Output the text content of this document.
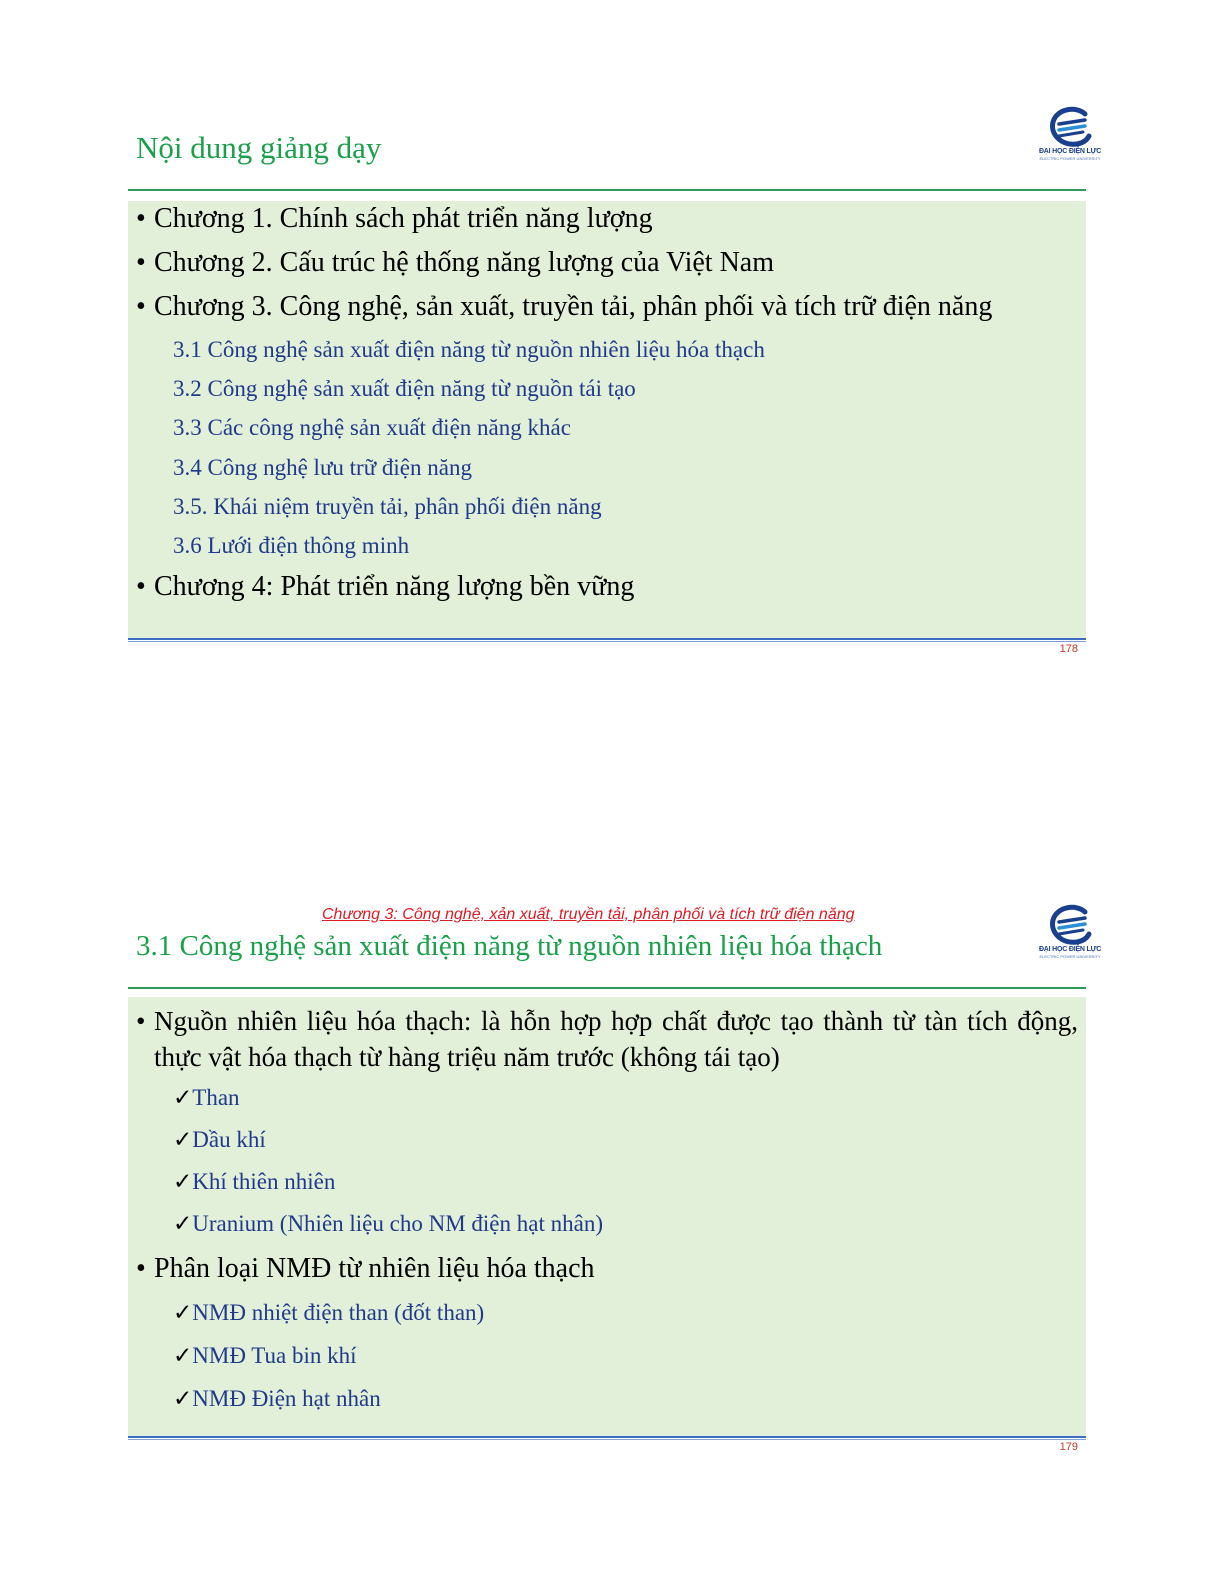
Nội dung giảng dạy	ĐẠI HỌC ĐIỆN LỰC
ELECTRIC POWER UNIVERSITY
• Chương 1. Chính sách phát triển năng lượng
• Chương 2. Cấu trúc hệ thống năng lượng của Việt Nam
• Chương 3. Công nghệ, sản xuất, truyền tải, phân phối và tích trữ điện năng
3.1 Công nghệ sản xuất điện năng từ nguồn nhiên liệu hóa thạch
3.2 Công nghệ sản xuất điện năng từ nguồn tái tạo
3.3 Các công nghệ sản xuất điện năng khác
3.4 Công nghệ lưu trữ điện năng
3.5. Khái niệm truyền tải, phân phối điện năng
3.6 Lưới điện thông minh
• Chương 4: Phát triển năng lượng bền vững
178
Chương 3: Công nghệ, xản xuất, truyền tải, phân phối và tích trữ điện năng
3.1 Công nghệ sản xuất điện năng từ nguồn nhiên liệu hóa thạch	ĐẠI HỌC ĐIỆN LỰC
ELECTRIC POWER UNIVERSITY
• Nguồn nhiên liệu hóa thạch: là hỗn hợp hợp chất được tạo thành từ tàn tích động, thực vật hóa thạch từ hàng triệu năm trước (không tái tạo)
✓Than
✓Dầu khí
✓Khí thiên nhiên
✓Uranium (Nhiên liệu cho NM điện hạt nhân)
• Phân loại NMĐ từ nhiên liệu hóa thạch
✓NMĐ nhiệt điện than (đốt than)
✓NMĐ Tua bin khí
✓NMĐ Điện hạt nhân
179
